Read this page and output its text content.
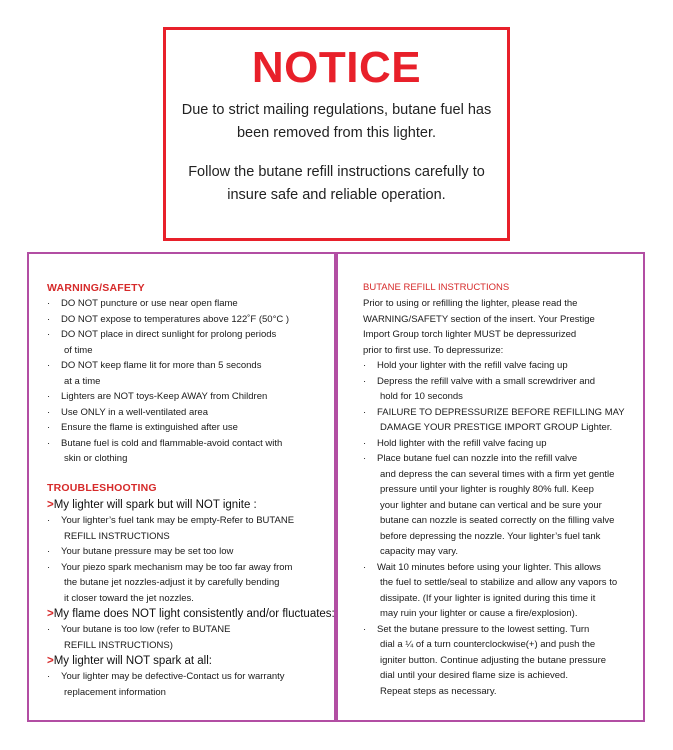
NOTICE
Due to strict mailing regulations, butane fuel has
been removed from this lighter.
Follow the butane refill instructions carefully to
insure safe and reliable operation.
WARNING/SAFETY
· DO NOT puncture or use near open flame
· DO NOT expose to temperatures above 122˚F (50°C )
· DO NOT place in direct sunlight for prolong periods
of time
· DO NOT keep flame lit for more than 5 seconds
at a time
· Lighters are NOT toys-Keep AWAY from Children
· Use ONLY in a well-ventilated area
· Ensure the flame is extinguished after use
· Butane fuel is cold and flammable-avoid contact with
skin or clothing
TROUBLESHOOTING
>My lighter will spark but will NOT ignite :
· Your lighter’s fuel tank may be empty-Refer to BUTANE
REFILL INSTRUCTIONS
· Your butane pressure may be set too low
· Your piezo spark mechanism may be too far away from
the butane jet nozzles-adjust it by carefully bending
it closer toward the jet nozzles.
>My flame does NOT light consistently and/or fluctuates:
· Your butane is too low (refer to BUTANE
REFILL INSTRUCTIONS)
>My lighter will NOT spark at all:
· Your lighter may be defective-Contact us for warranty
replacement information
BUTANE REFILL INSTRUCTIONS
Prior to using or refilling the lighter, please read the
WARNING/SAFETY section of the insert. Your Prestige
Import Group torch lighter MUST be depressurized
prior to first use. To depressurize:
· Hold your lighter with the refill valve facing up
· Depress the refill valve with a small screwdriver and
hold for 10 seconds
· FAILURE TO DEPRESSURIZE BEFORE REFILLING MAY
DAMAGE YOUR PRESTIGE IMPORT GROUP Lighter.
· Hold lighter with the refill valve facing up
· Place butane fuel can nozzle into the refill valve
and depress the can several times with a firm yet gentle
pressure until your lighter is roughly 80% full. Keep
your lighter and butane can vertical and be sure your
butane can nozzle is seated correctly on the filling valve
before depressing the nozzle. Your lighter’s fuel tank
capacity may vary.
· Wait 10 minutes before using your lighter. This allows
the fuel to settle/seal to stabilize and allow any vapors to
dissipate. (If your lighter is ignited during this time it
may ruin your lighter or cause a fire/explosion).
· Set the butane pressure to the lowest setting. Turn
dial a ¼ of a turn counterclockwise(+) and push the
igniter button. Continue adjusting the butane pressure
dial until your desired flame size is achieved.
Repeat steps as necessary.
